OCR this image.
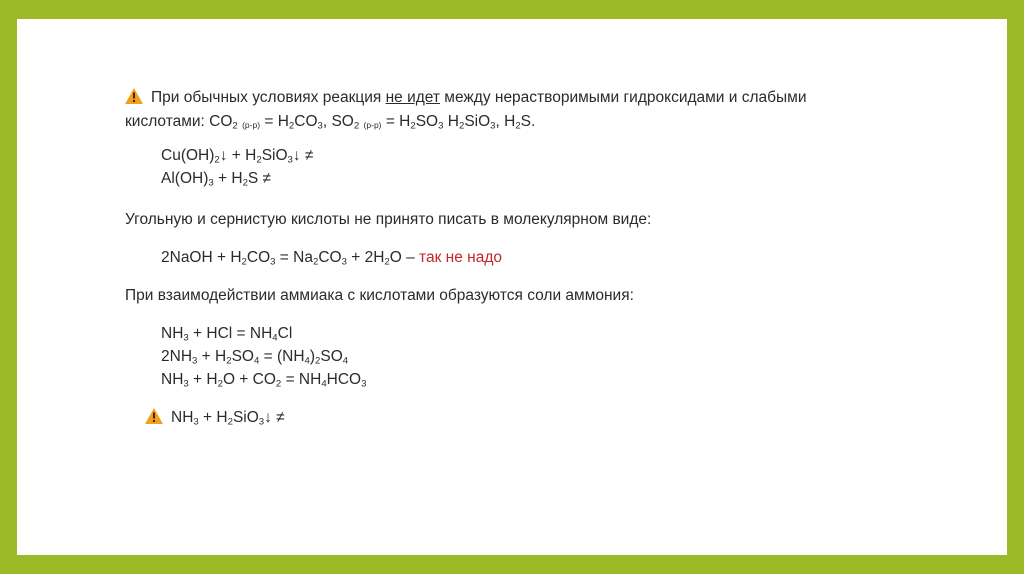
При обычных условиях реакция не идет между нерастворимыми гидроксидами и слабыми
кислотами: $CO_2$ $_{(р-р)} = H_2CO_3$, $SO_2$ $_{(р-р)} = H_2SO_3$ $H_2SiO_3$, $H_2S$.
$Cu(OH)_2↓$ + $H_2SiO_3↓$ ≠
$Al(OH)_3 + H_2S$ ≠
Угольную и сернистую кислоты не принято писать в молекулярном виде:
2NaOH + $H_2CO_3 = Na_2CO_3 + 2H_2O$ – так не надо
При взаимодействии аммиака с кислотами образуются соли аммония:
$NH_3$ + HCl = $NH_4Cl$
$2NH_3 + H_2SO_4 = (NH_4)_2SO_4$
$NH_3 + H_2O + CO_2 = NH_4HCO_3$
$NH_3$ + $H_2SiO_3↓$ ≠
